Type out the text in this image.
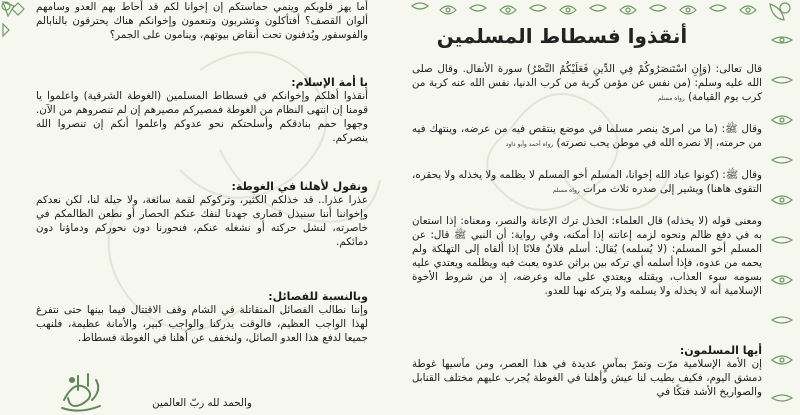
أنقذوا فسطاط المسلمين

قال تعالى: (وَإِنِ اسْتَنصَرُوكُمْ فِي الدِّينِ فَعَلَيْكُمُ النَّصْرُ) سورة الأنفال. وقال صلى الله عليه وسلم: (من نفس عن مؤمن كربة من كرب الدنيا، نفس الله عنه كربة من كرب يوم القيامة) رواه مسلم

وقال ﷺ: (ما من امرئ ينصر مسلما في موضع ينتقص فيه من عرضه، وينتهك فيه من حرمته، إلا نصره الله في موطن يحب نصرته) رواه أحمد وأبو داود

وقال ﷺ: (كونوا عباد الله إخوانا، المسلم أخو المسلم لا يظلمه ولا يخذله ولا يحقره، التقوى هاهنا) ويشير إلى صدره ثلاث مرات رواه مسلم

ومعنى قوله (لا يخذله) قال العلماء: الخذل ترك الإعانة والنصر، ومعناه: إذا استعان به في دفع ظالم ونحوه لزمه إعانته إذا أمكنه، وفي رواية: أن النبي ﷺ قال: عن المسلم أخو المسلم: (لا يُسلمه) يُقال: أسلم فلانٌ فلانًا إذا ألقاه إلى التهلكة ولم يحمه من عدوه، فإذا أسلمه أي تركه بين براثن عدوه يعبث فيه ويظلمه ويعتدي عليه بسومه سوء العذاب، ويقتله ويعتدي على ماله وعرضه، إذ من شروط الأخوة الإسلامية أنه لا يخذله ولا يسلمه ولا يتركه نهبا للعدو.

أيها المسلمون:

إن الأمة الإسلامية مرّت وتمرّ بمآسٍ عديدة في هذا العصر، ومن مآسيها غوطة دمشق اليوم، فكيف يطيب لنا عيش وأهلنا في الغوطة يُجرب عليهم مختلف القنابل والصواريخ الأشد فتكًا في

أما يهز قلوبكم وينمي حماستكم إن إخوانا لكم قد أحاط بهم العدو وسامهم ألوان القصف؟ أفتأكلون وتشربون وتنعمون وإخوانكم هناك يحترقون بالنابالم والفوسفور ويُدفنون تحت أنقاض بيوتهم، وينامون على الجمر؟

يا أمة الإسلام:

أنقذوا أهلكم وإخوانكم في فسطاط المسلمين (الغوطة الشرقية) واعلموا يا قومنا إن انتهى النظام من الغوطة فمصيركم مصيرهم إن لم تنصروهم من الآن. وجهوا حمم بنادقكم وأسلحتكم نحو عدوكم واعلموا أنكم إن تنصروا الله ينصركم.

ونقول لأهلنا في الغوطة:

عذرا عذرا.. قد خذلكم الكثير، وتركوكم لقمة سائغة، ولا حيلة لنا، لكن نعدكم وإخواننا أننا سنبذل قصارى جهدنا لنفك عنكم الحصار أو نطعن الظالمكم في خاصرته، لنشل حركته أو نشغله عنكم، فنحورنا دون نحوركم ودماؤنا دون دمائكم.

وبالنسبة للفصائل:

وإننا نطالب الفصائل المتقاتلة في الشام وقف الاقتتال فيما بينها حتى نتفرغ لهذا الواجب العظيم، فالوقت يدركنا والواجب كبير، والأمانة عظيمة، فلنهب جميعا لدفع هذا العدو الصائل، ولنخفف عن أهلنا في الغوطة فسطاط.

والحمد لله ربّ العالمين
